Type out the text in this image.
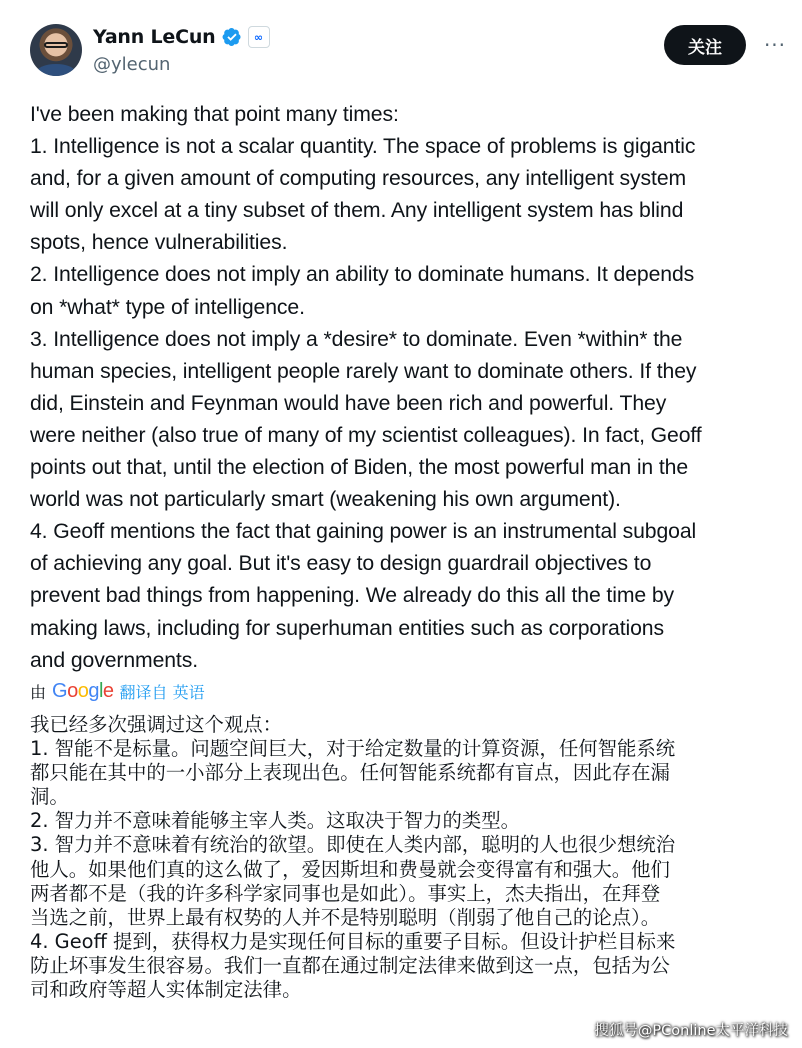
Yann LeCun	∞
@ylecun
关注	···

I've been making that point many times:

1. Intelligence is not a scalar quantity. The space of problems is gigantic

and, for a given amount of computing resources, any intelligent system

will only excel at a tiny subset of them. Any intelligent system has blind

spots, hence vulnerabilities.

2. Intelligence does not imply an ability to dominate humans. It depends

on *what* type of intelligence.

3. Intelligence does not imply a *desire* to dominate. Even *within* the

human species, intelligent people rarely want to dominate others. If they

did, Einstein and Feynman would have been rich and powerful. They

were neither (also true of many of my scientist colleagues). In fact, Geoff

points out that, until the election of Biden, the most powerful man in the

world was not particularly smart (weakening his own argument).

4. Geoff mentions the fact that gaining power is an instrumental subgoal

of achieving any goal. But it's easy to design guardrail objectives to

prevent bad things from happening. We already do this all the time by

making laws, including for superhuman entities such as corporations

and governments.

由 Google 翻译自 英语

我已经多次强调过这个观点：

1. 智能不是标量。问题空间巨大，对于给定数量的计算资源，任何智能系统

都只能在其中的一小部分上表现出色。任何智能系统都有盲点，因此存在漏

洞。

2. 智力并不意味着能够主宰人类。这取决于智力的类型。

3. 智力并不意味着有统治的欲望。即使在人类内部，聪明的人也很少想统治

他人。如果他们真的这么做了，爱因斯坦和费曼就会变得富有和强大。他们

两者都不是（我的许多科学家同事也是如此）。事实上，杰夫指出，在拜登

当选之前，世界上最有权势的人并不是特别聪明（削弱了他自己的论点）。

4. Geoff 提到，获得权力是实现任何目标的重要子目标。但设计护栏目标来

防止坏事发生很容易。我们一直都在通过制定法律来做到这一点，包括为公

司和政府等超人实体制定法律。

搜狐号@PConline太平洋科技
